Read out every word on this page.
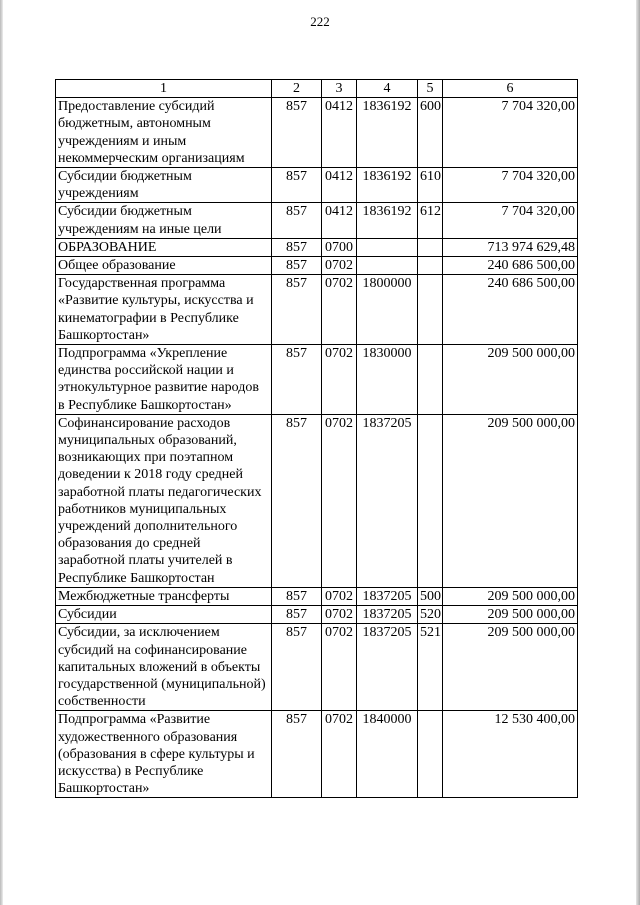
222
1	2	3	4	5	6
Предоставление субсидий бюджетным, автономным учреждениям и иным некоммерческим организациям	857	0412	1836192	600	7 704 320,00
Субсидии бюджетным учреждениям	857	0412	1836192	610	7 704 320,00
Субсидии бюджетным учреждениям на иные цели	857	0412	1836192	612	7 704 320,00
ОБРАЗОВАНИЕ	857	0700			713 974 629,48
Общее образование	857	0702			240 686 500,00
Государственная программа «Развитие культуры, искусства и кинематографии в Республике Башкортостан»	857	0702	1800000		240 686 500,00
Подпрограмма «Укрепление единства российской нации и этнокультурное развитие народов в Республике Башкортостан»	857	0702	1830000		209 500 000,00
Софинансирование расходов муниципальных образований, возникающих при поэтапном доведении к 2018 году средней заработной платы педагогических работников муниципальных учреждений дополнительного образования до средней заработной платы учителей в Республике Башкортостан	857	0702	1837205		209 500 000,00
Межбюджетные трансферты	857	0702	1837205	500	209 500 000,00
Субсидии	857	0702	1837205	520	209 500 000,00
Субсидии, за исключением субсидий на софинансирование капитальных вложений в объекты государственной (муниципальной) собственности	857	0702	1837205	521	209 500 000,00
Подпрограмма «Развитие художественного образования (образования в сфере культуры и искусства) в Республике Башкортостан»	857	0702	1840000		12 530 400,00
